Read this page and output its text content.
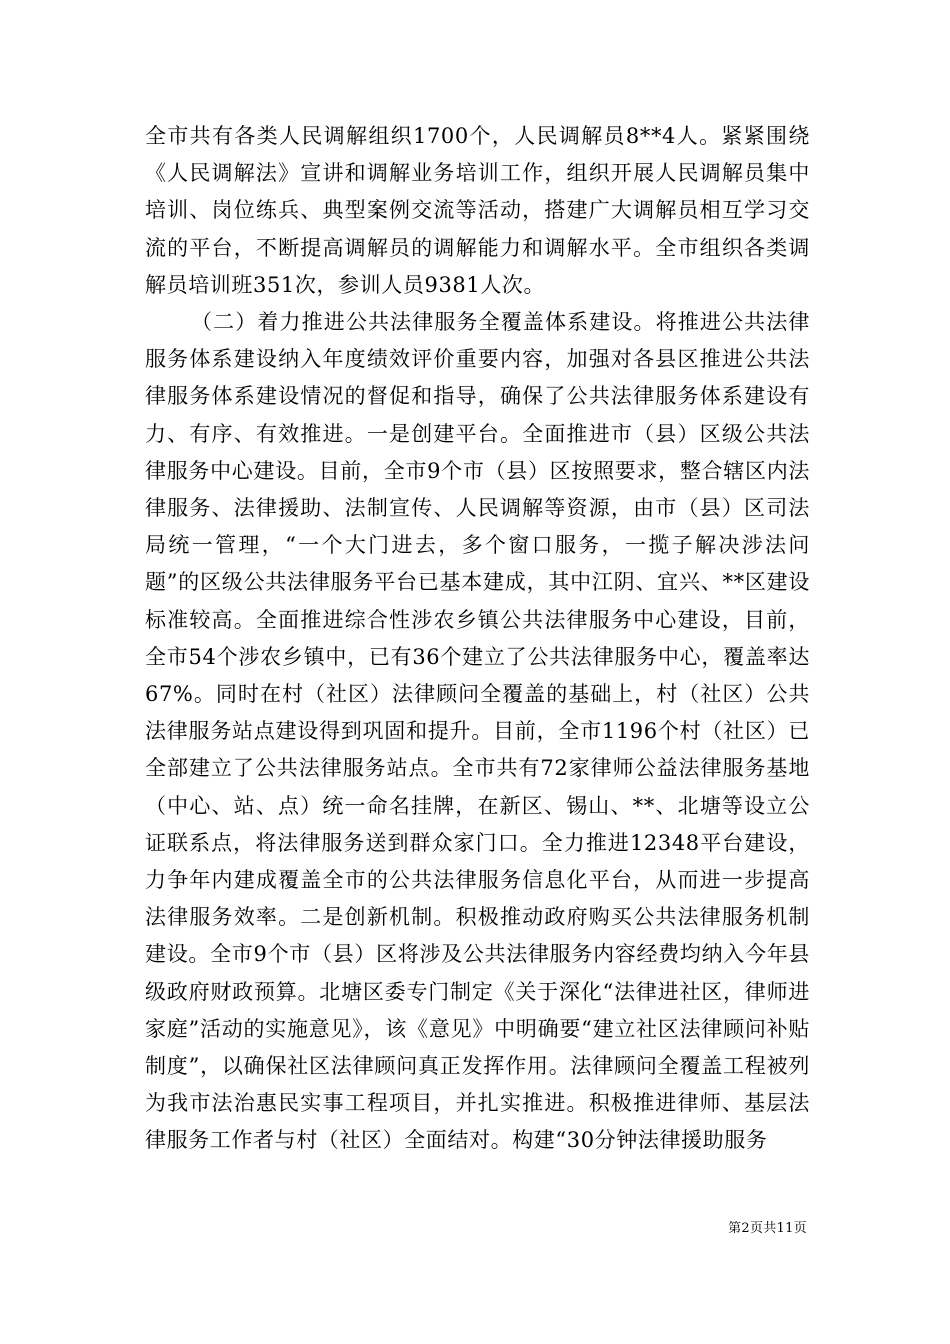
全市共有各类人民调解组织1700个，人民调解员8**4人。紧紧围绕《人民调解法》宣讲和调解业务培训工作，组织开展人民调解员集中培训、岗位练兵、典型案例交流等活动，搭建广大调解员相互学习交流的平台，不断提高调解员的调解能力和调解水平。全市组织各类调解员培训班351次，参训人员9381人次。

（二）着力推进公共法律服务全覆盖体系建设。将推进公共法律服务体系建设纳入年度绩效评价重要内容，加强对各县区推进公共法律服务体系建设情况的督促和指导，确保了公共法律服务体系建设有力、有序、有效推进。一是创建平台。全面推进市（县）区级公共法律服务中心建设。目前，全市9个市（县）区按照要求，整合辖区内法律服务、法律援助、法制宣传、人民调解等资源，由市（县）区司法局统一管理，“一个大门进去，多个窗口服务，一揽子解决涉法问题”的区级公共法律服务平台已基本建成，其中江阴、宜兴、**区建设标准较高。全面推进综合性涉农乡镇公共法律服务中心建设，目前，全市54个涉农乡镇中，已有36个建立了公共法律服务中心，覆盖率达67%。同时在村（社区）法律顾问全覆盖的基础上，村（社区）公共法律服务站点建设得到巩固和提升。目前，全市1196个村（社区）已全部建立了公共法律服务站点。全市共有72家律师公益法律服务基地（中心、站、点）统一命名挂牌，在新区、锡山、**、北塘等设立公证联系点，将法律服务送到群众家门口。全力推进12348平台建设，力争年内建成覆盖全市的公共法律服务信息化平台，从而进一步提高法律服务效率。二是创新机制。积极推动政府购买公共法律服务机制建设。全市9个市（县）区将涉及公共法律服务内容经费均纳入今年县级政府财政预算。北塘区委专门制定《关于深化“法律进社区，律师进家庭”活动的实施意见》，该《意见》中明确要“建立社区法律顾问补贴制度”，以确保社区法律顾问真正发挥作用。法律顾问全覆盖工程被列为我市法治惠民实事工程项目，并扎实推进。积极推进律师、基层法律服务工作者与村（社区）全面结对。构建“30分钟法律援助服务

第2页共11页
